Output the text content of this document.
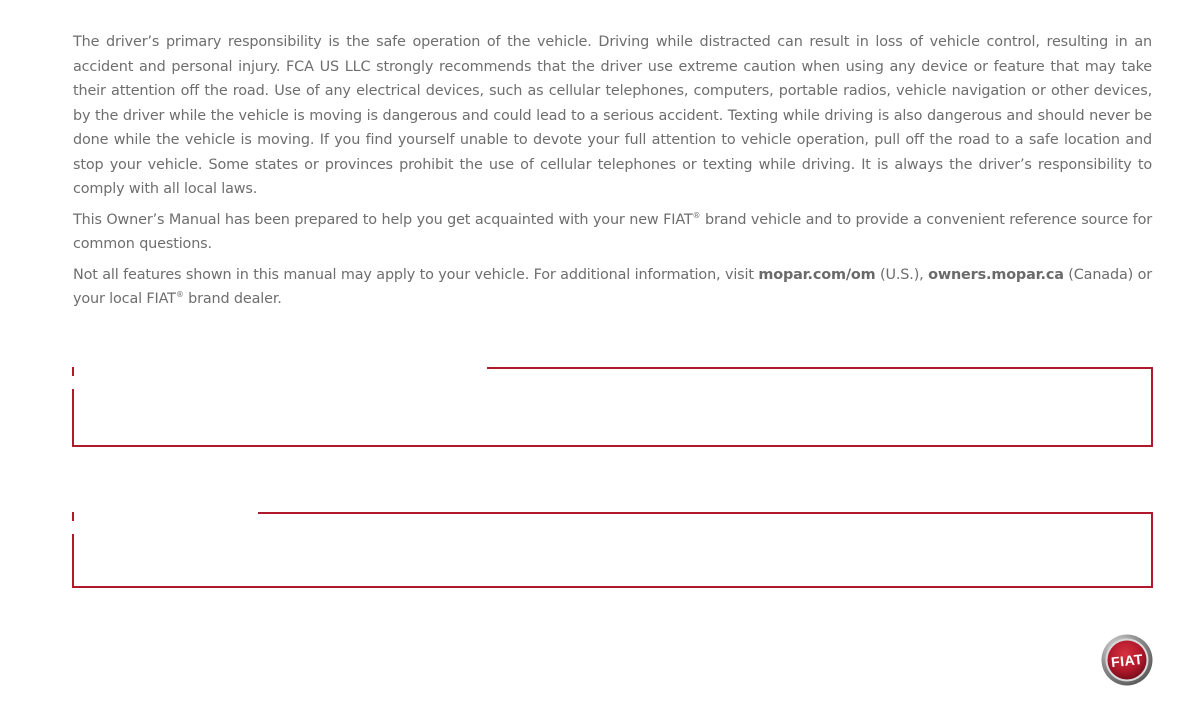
The driver’s primary responsibility is the safe operation of the vehicle. Driving while distracted can result in loss of vehicle control, resulting in an accident and personal injury. FCA US LLC strongly recommends that the driver use extreme caution when using any device or feature that may take their attention off the road. Use of any electrical devices, such as cellular telephones, computers, portable radios, vehicle navigation or other devices, by the driver while the vehicle is moving is dangerous and could lead to a serious accident. Texting while driving is also dangerous and should never be done while the vehicle is moving. If you find yourself unable to devote your full attention to vehicle operation, pull off the road to a safe location and stop your vehicle. Some states or provinces prohibit the use of cellular telephones or texting while driving. It is always the driver’s responsibility to comply with all local laws.

This Owner’s Manual has been prepared to help you get acquainted with your new FIAT® brand vehicle and to provide a convenient reference source for common questions.

Not all features shown in this manual may apply to your vehicle. For additional information, visit mopar.com/om (U.S.), owners.mopar.ca (Canada) or your local FIAT® brand dealer.

FIAT
